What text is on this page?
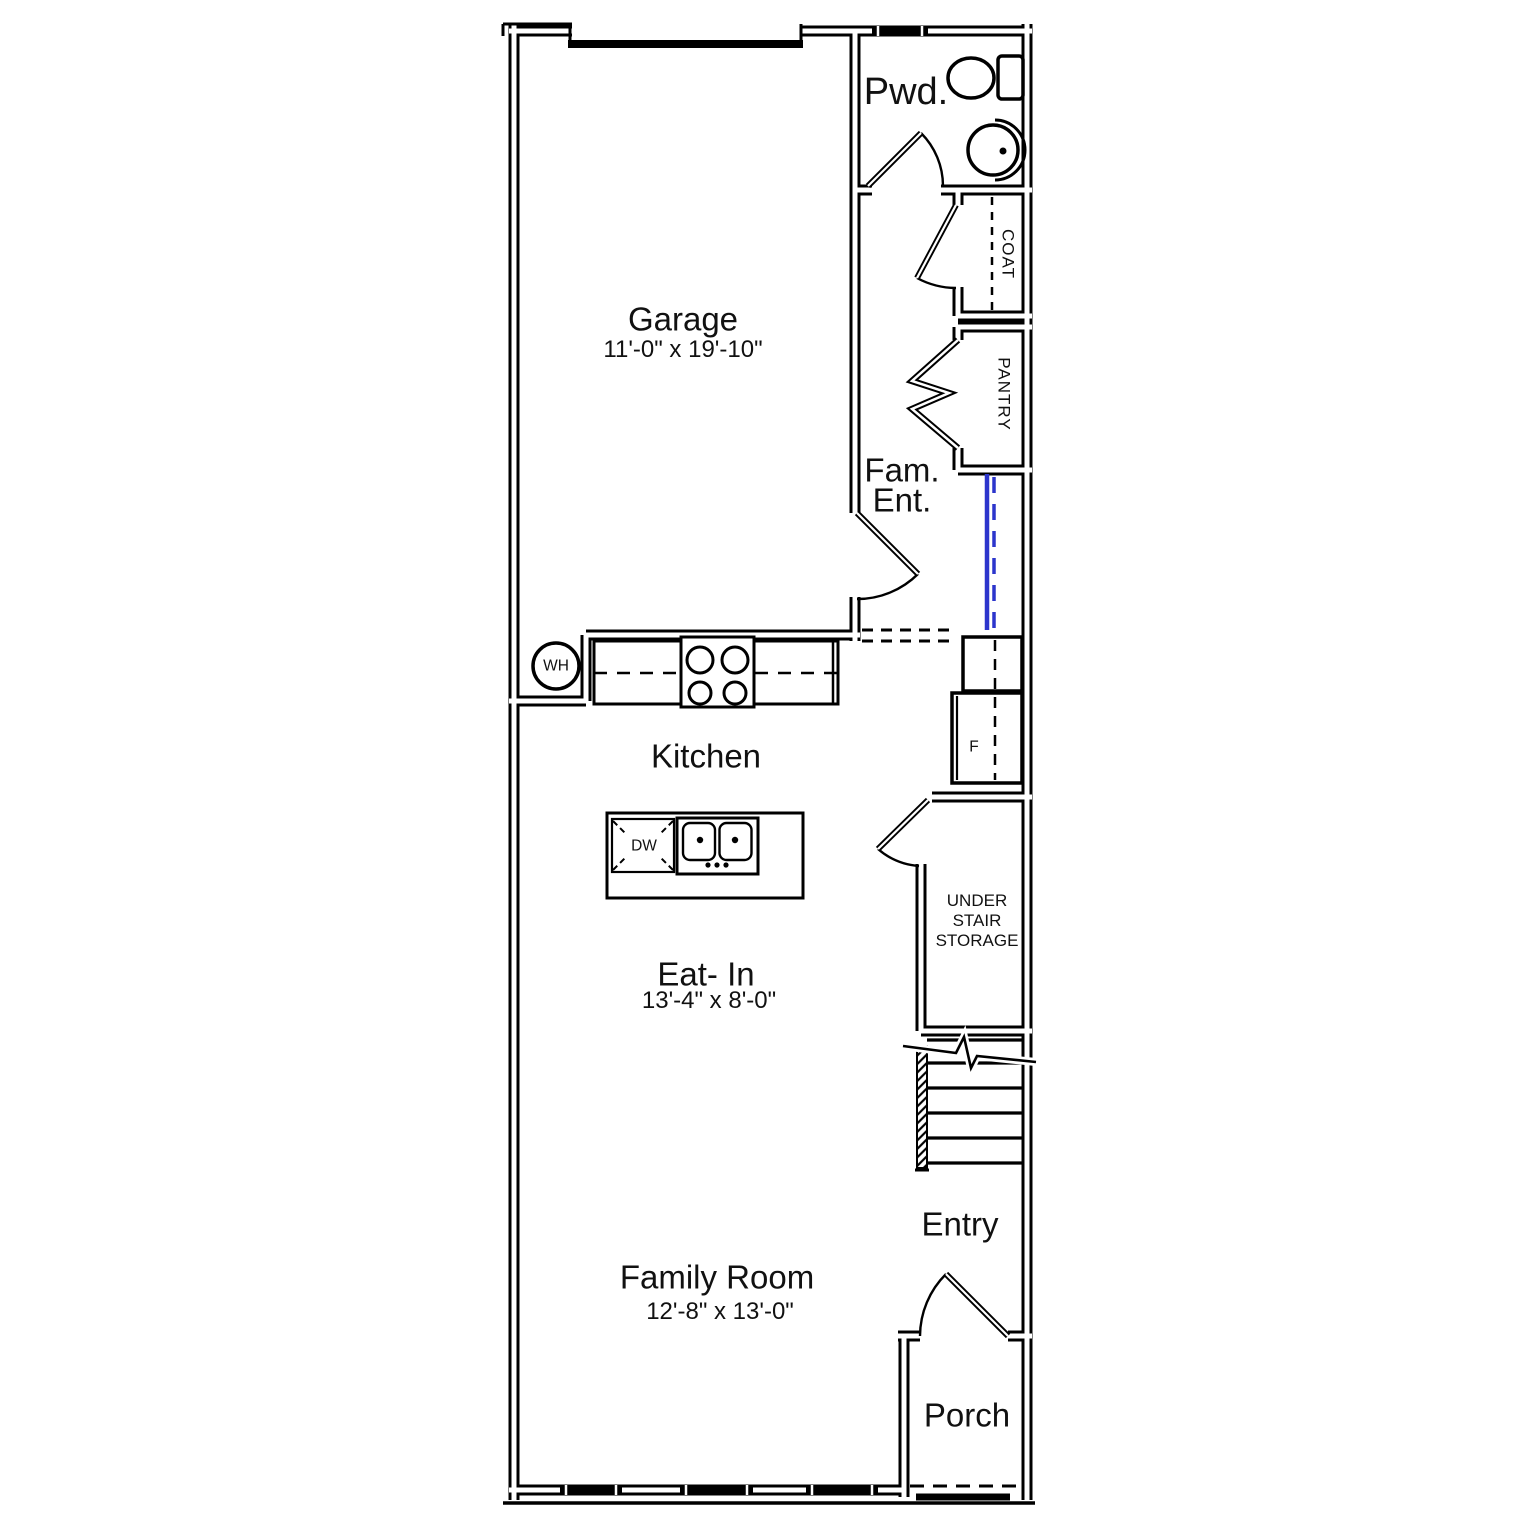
Garage
11'-0" x 19'-10"
Pwd.
COAT
PANTRY
Fam.
Ent.
WH
Kitchen
DW
F
UNDER
STAIR
STORAGE
Eat- In
13'-4" x 8'-0"
Entry
Family Room
12'-8" x 13'-0"
Porch
